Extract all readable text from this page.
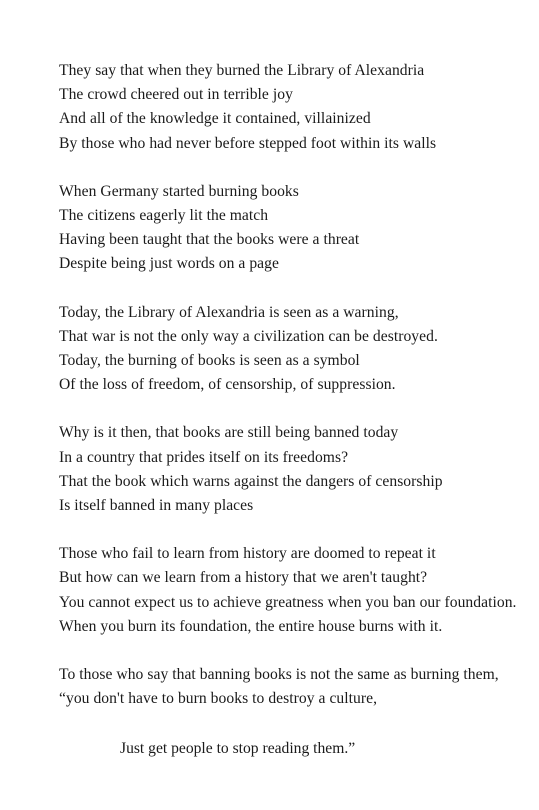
They say that when they burned the Library of Alexandria
The crowd cheered out in terrible joy
And all of the knowledge it contained, villainized
By those who had never before stepped foot within its walls
When Germany started burning books
The citizens eagerly lit the match
Having been taught that the books were a threat
Despite being just words on a page
Today, the Library of Alexandria is seen as a warning,
That war is not the only way a civilization can be destroyed.
Today, the burning of books is seen as a symbol
Of the loss of freedom, of censorship, of suppression.
Why is it then, that books are still being banned today
In a country that prides itself on its freedoms?
That the book which warns against the dangers of censorship
Is itself banned in many places
Those who fail to learn from history are doomed to repeat it
But how can we learn from a history that we aren't taught?
You cannot expect us to achieve greatness when you ban our foundation.
When you burn its foundation, the entire house burns with it.
To those who say that banning books is not the same as burning them,
“you don't have to burn books to destroy a culture,
Just get people to stop reading them.”
